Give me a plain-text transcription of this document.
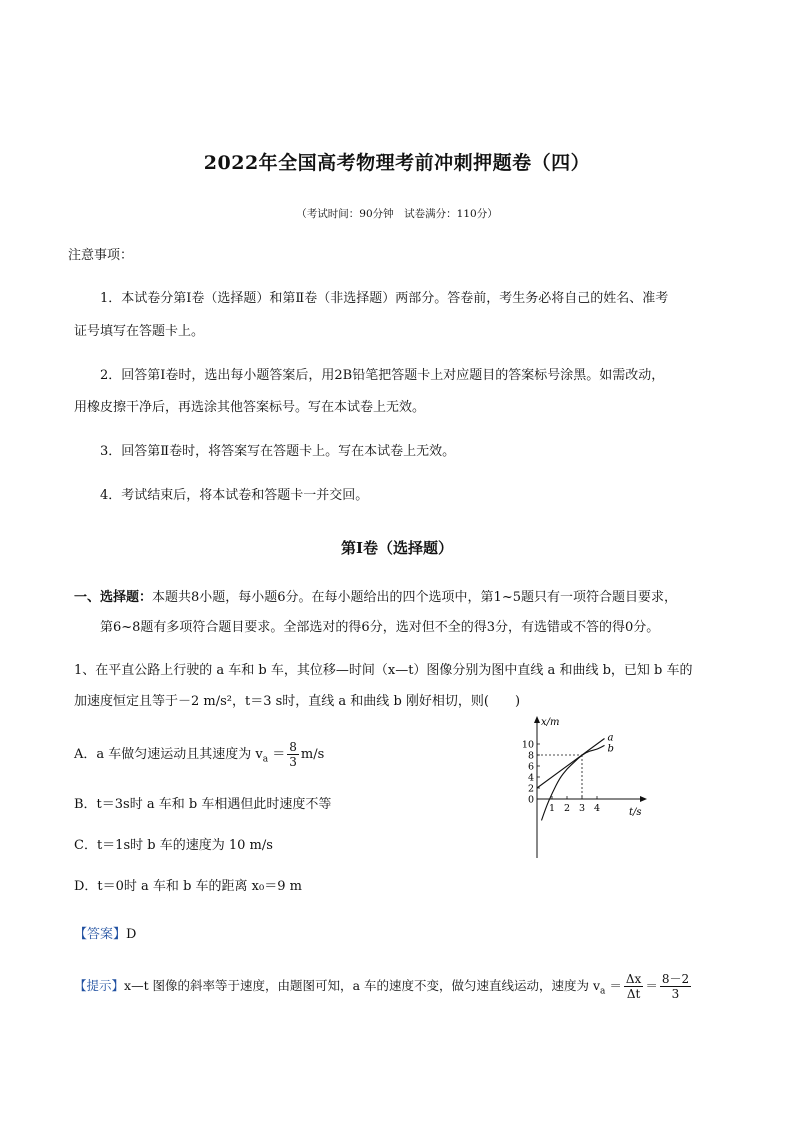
2022年全国高考物理考前冲刺押题卷（四）
（考试时间：90分钟　试卷满分：110分）
注意事项：
1．本试卷分第Ⅰ卷（选择题）和第Ⅱ卷（非选择题）两部分。答卷前，考生务必将自己的姓名、准考
证号填写在答题卡上。
2．回答第Ⅰ卷时，选出每小题答案后，用2B铅笔把答题卡上对应题目的答案标号涂黑。如需改动，
用橡皮擦干净后，再选涂其他答案标号。写在本试卷上无效。
3．回答第Ⅱ卷时，将答案写在答题卡上。写在本试卷上无效。
4．考试结束后，将本试卷和答题卡一并交回。
第Ⅰ卷（选择题）
一、选择题：本题共8小题，每小题6分。在每小题给出的四个选项中，第1~5题只有一项符合题目要求，
第6~8题有多项符合题目要求。全部选对的得6分，选对但不全的得3分，有选错或不答的得0分。
1、在平直公路上行驶的 a 车和 b 车，其位移—时间（x—t）图像分别为图中直线 a 和曲线 b，已知 b 车的
加速度恒定且等于－2 m/s²，t＝3 s时，直线 a 和曲线 b 刚好相切，则(　　)
A．a 车做匀速运动且其速度为 $v_a = \frac{8}{3} m/s$
B．t＝3s时 a 车和 b 车相遇但此时速度不等
C．t＝1s时 b 车的速度为 10 m/s
D．t＝0时 a 车和 b 车的距离 x₀＝9 m
【答案】D
【提示】x—t 图像的斜率等于速度，由题图可知，a 车的速度不变，做匀速直线运动，速度为 $v_a = \frac{\Delta x}{\Delta t} = \frac{8-2}{3}$
x/m
t/s
0
2
4
6
8
10
1 2 3 4
a
b
